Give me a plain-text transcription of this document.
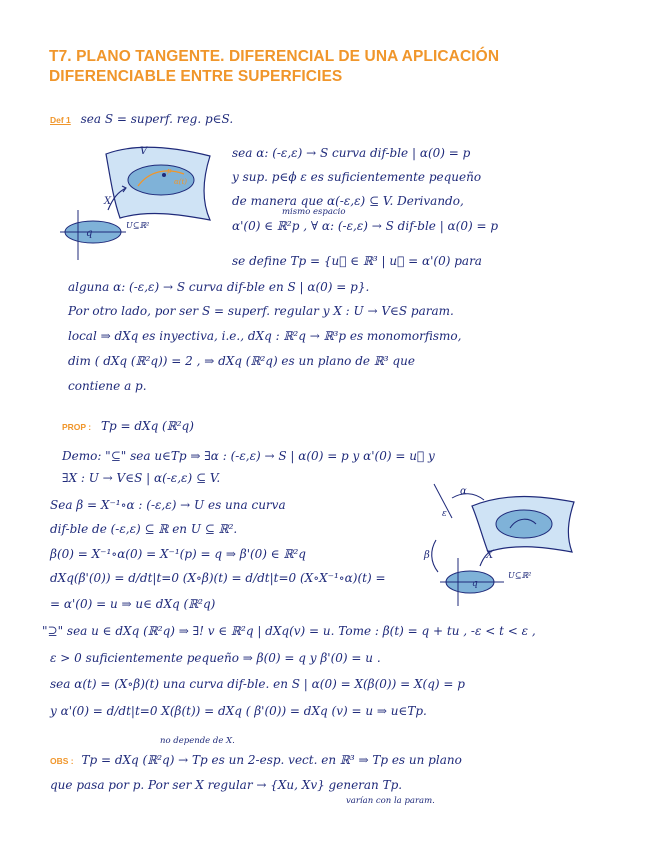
T7. PLANO TANGENTE. DIFERENCIAL DE UNA APLICACIÓN DIFERENCIABLE ENTRE SUPERFICIES
Def 1 sea S = superf. reg. p∈S.
V
p
α(t)
X
q
U⊆ℝ²
sea α: (-ε,ε) → S curva dif-ble | α(0) = p
y sup. p∈ϕ ε es suficientemente pequeño
de manera que α(-ε,ε) ⊆ V. Derivando,
mismo espacio
α'(0) ∈ ℝ²p , ∀ α: (-ε,ε) → S dif-ble | α(0) = p
se define Tp = {u⃗ ∈ ℝ³ | u⃗ = α'(0) para
alguna α: (-ε,ε) → S curva dif-ble en S | α(0) = p}.
Por otro lado, por ser S = superf. regular y X : U → V∈S param.
local ⇒ dXq es inyectiva, i.e., dXq : ℝ²q → ℝ³p es monomorfismo,
dim ( dXq (ℝ²q)) = 2 , ⇒ dXq (ℝ²q) es un plano de ℝ³ que
contiene a p.
PROP : Tp = dXq (ℝ²q)
Demo: "⊆" sea u∈Tp ⇒ ∃α : (-ε,ε) → S | α(0) = p y α'(0) = u⃗ y
∃X : U → V∈S | α(-ε,ε) ⊆ V.
Sea β = X⁻¹∘α : (-ε,ε) → U es una curva
dif-ble de (-ε,ε) ⊆ ℝ en U ⊆ ℝ².
β(0) = X⁻¹∘α(0) = X⁻¹(p) = q ⇒ β'(0) ∈ ℝ²q
α
ε
β	X
q
U⊆ℝ²
dXq(β'(0)) = d/dt|t=0 (X∘β)(t) = d/dt|t=0 (X∘X⁻¹∘α)(t) =
= α'(0) = u ⇒ u∈ dXq (ℝ²q)
"⊇" sea u ∈ dXq (ℝ²q) ⇒ ∃! v ∈ ℝ²q | dXq(v) = u. Tome : β(t) = q + tu , -ε < t < ε ,
ε > 0 suficientemente pequeño ⇒ β(0) = q y β'(0) = u .
sea α(t) = (X∘β)(t) una curva dif-ble. en S | α(0) = X(β(0)) = X(q) = p
y α'(0) = d/dt|t=0 X(β(t)) = dXq ( β'(0)) = dXq (v) = u ⇒ u∈Tp.
no depende de X.
OBS : Tp = dXq (ℝ²q) → Tp es un 2-esp. vect. en ℝ³ ⇒ Tp es un plano
que pasa por p. Por ser X regular → {Xu, Xv} generan Tp.
varían con la param.
